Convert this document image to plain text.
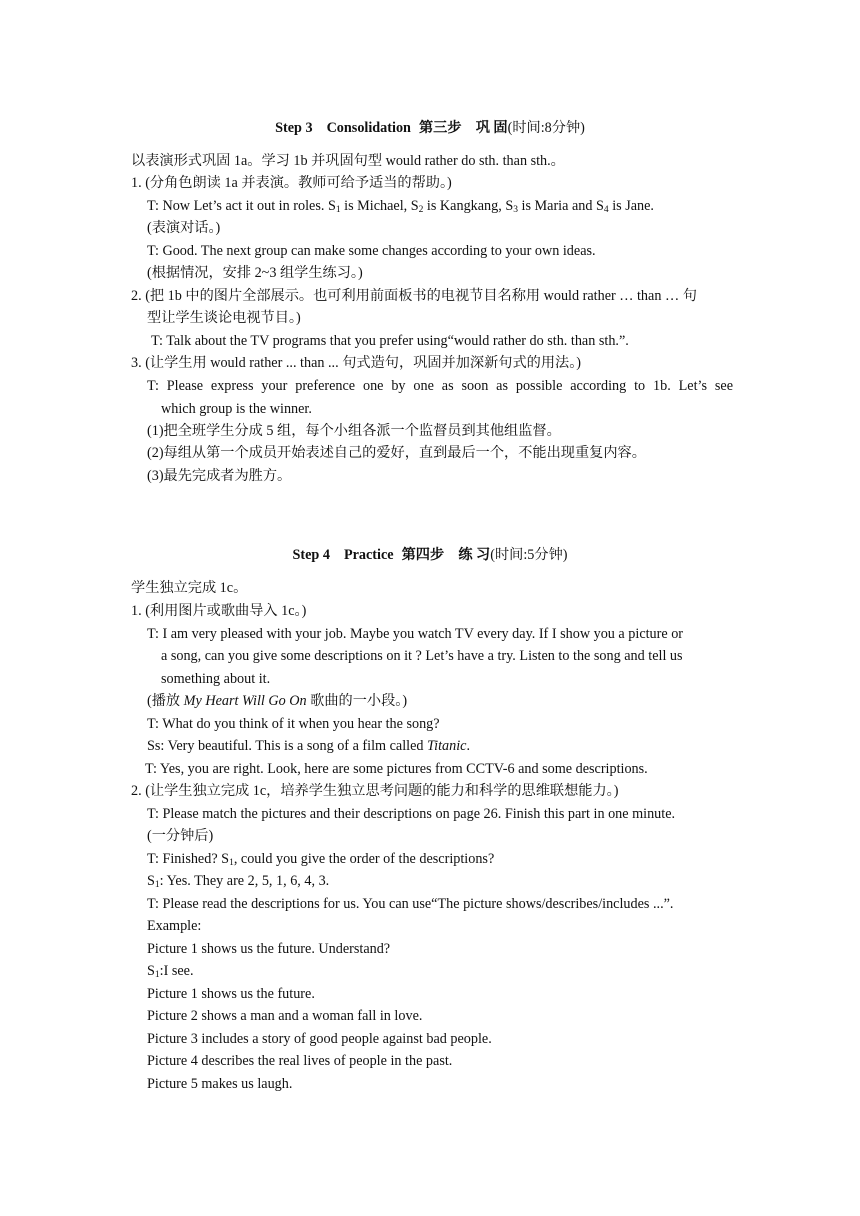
Step 3 Consolidation 第三步　巩 固(时间:8分钟)
以表演形式巩固 1a。学习 1b 并巩固句型 would rather do sth. than sth.。
1. (分角色朗读 1a 并表演。教师可给予适当的帮助。)
T: Now Let’s act it out in roles. $S_1$ is Michael, $S_2$ is Kangkang, $S_3$ is Maria and $S_4$ is Jane.
(表演对话。)
T: Good. The next group can make some changes according to your own ideas.
(根据情况，安排 2~3 组学生练习。)
2. (把 1b 中的图片全部展示。也可利用前面板书的电视节目名称用 would rather … than … 句
型让学生谈论电视节目。)
T: Talk about the TV programs that you prefer using“would rather do sth. than sth.”.
3. (让学生用 would rather ... than ... 句式造句，巩固并加深新句式的用法。)
T: Please express your preference one by one as soon as possible according to 1b. Let’s see
which group is the winner.
(1)把全班学生分成 5 组，每个小组各派一个监督员到其他组监督。
(2)每组从第一个成员开始表述自己的爱好，直到最后一个，不能出现重复内容。
(3)最先完成者为胜方。
Step 4 Practice 第四步　练 习(时间:5分钟)
学生独立完成 1c。
1. (利用图片或歌曲导入 1c。)
T: I am very pleased with your job. Maybe you watch TV every day. If I show you a picture or
a song, can you give some descriptions on it ? Let’s have a try. Listen to the song and tell us
something about it.
(播放 My Heart Will Go On 歌曲的一小段。)
T: What do you think of it when you hear the song?
Ss: Very beautiful. This is a song of a film called Titanic.
T: Yes, you are right. Look, here are some pictures from CCTV-6 and some descriptions.
2. (让学生独立完成 1c，培养学生独立思考问题的能力和科学的思维联想能力。)
T: Please match the pictures and their descriptions on page 26. Finish this part in one minute.
(一分钟后)
T: Finished? $S_1$, could you give the order of the descriptions?
$S_1$: Yes. They are 2, 5, 1, 6, 4, 3.
T: Please read the descriptions for us. You can use“The picture shows/describes/includes ...”.
Example:
Picture 1 shows us the future. Understand?
$S_1:I$ see.
Picture 1 shows us the future.
Picture 2 shows a man and a woman fall in love.
Picture 3 includes a story of good people against bad people.
Picture 4 describes the real lives of people in the past.
Picture 5 makes us laugh.
